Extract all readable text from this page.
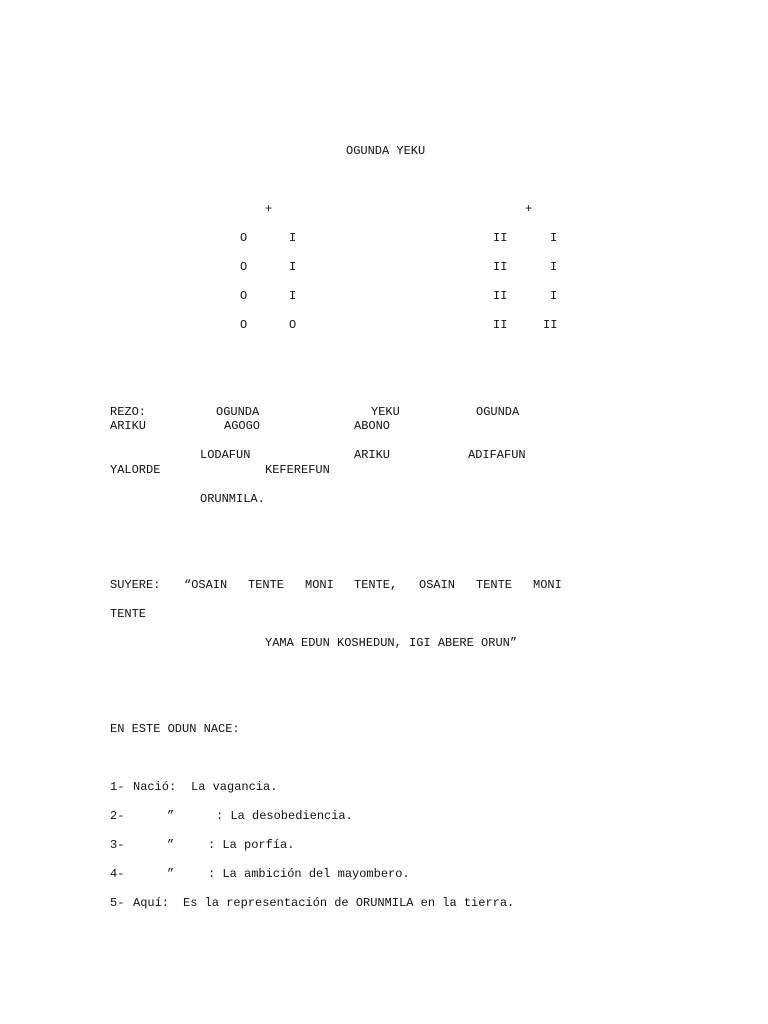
OGUNDA YEKU
+
O	I
O	I
O	I
O	O
+
II	I
II	I
II	I
II	II
REZO:	OGUNDA	YEKU	OGUNDA
ARIKU	AGOGO	ABONO
LODAFUN	ARIKU	ADIFAFUN
YALORDE	KEFEREFUN
ORUNMILA.
SUYERE: “OSAIN TENTE MONI TENTE, OSAIN TENTE MONI
TENTE
YAMA EDUN KOSHEDUN, IGI ABERE ORUN”
EN ESTE ODUN NACE:
1- Nació: La vagancia.
2-	”	: La desobediencia.
3-	”	: La porfía.
4-	”	: La ambición del mayombero.
5- Aquí: Es la representación de ORUNMILA en la tierra.
